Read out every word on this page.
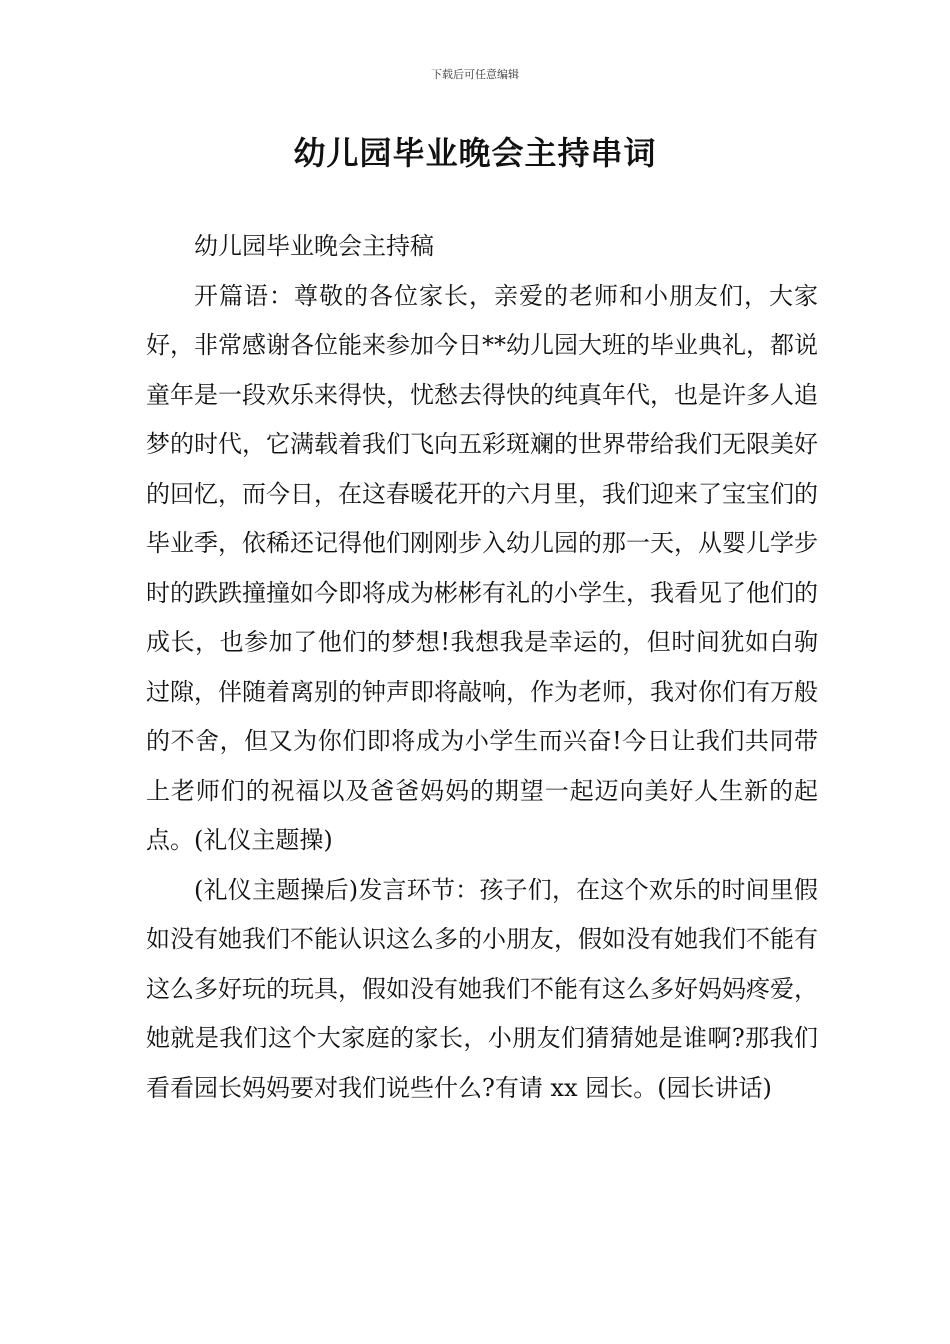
下载后可任意编辑
幼儿园毕业晚会主持串词

幼儿园毕业晚会主持稿

开篇语：尊敬的各位家长，亲爱的老师和小朋友们，大家好，非常感谢各位能来参加今日**幼儿园大班的毕业典礼，都说童年是一段欢乐来得快，忧愁去得快的纯真年代，也是许多人追梦的时代，它满载着我们飞向五彩斑斓的世界带给我们无限美好的回忆，而今日，在这春暖花开的六月里，我们迎来了宝宝们的毕业季，依稀还记得他们刚刚步入幼儿园的那一天，从婴儿学步时的跌跌撞撞如今即将成为彬彬有礼的小学生，我看见了他们的成长，也参加了他们的梦想!我想我是幸运的，但时间犹如白驹过隙，伴随着离别的钟声即将敲响，作为老师，我对你们有万般的不舍，但又为你们即将成为小学生而兴奋!今日让我们共同带上老师们的祝福以及爸爸妈妈的期望一起迈向美好人生新的起点。(礼仪主题操)

(礼仪主题操后)发言环节：孩子们，在这个欢乐的时间里假如没有她我们不能认识这么多的小朋友，假如没有她我们不能有这么多好玩的玩具，假如没有她我们不能有这么多好妈妈疼爱，她就是我们这个大家庭的家长，小朋友们猜猜她是谁啊?那我们看看园长妈妈要对我们说些什么?有请 xx 园长。(园长讲话)
